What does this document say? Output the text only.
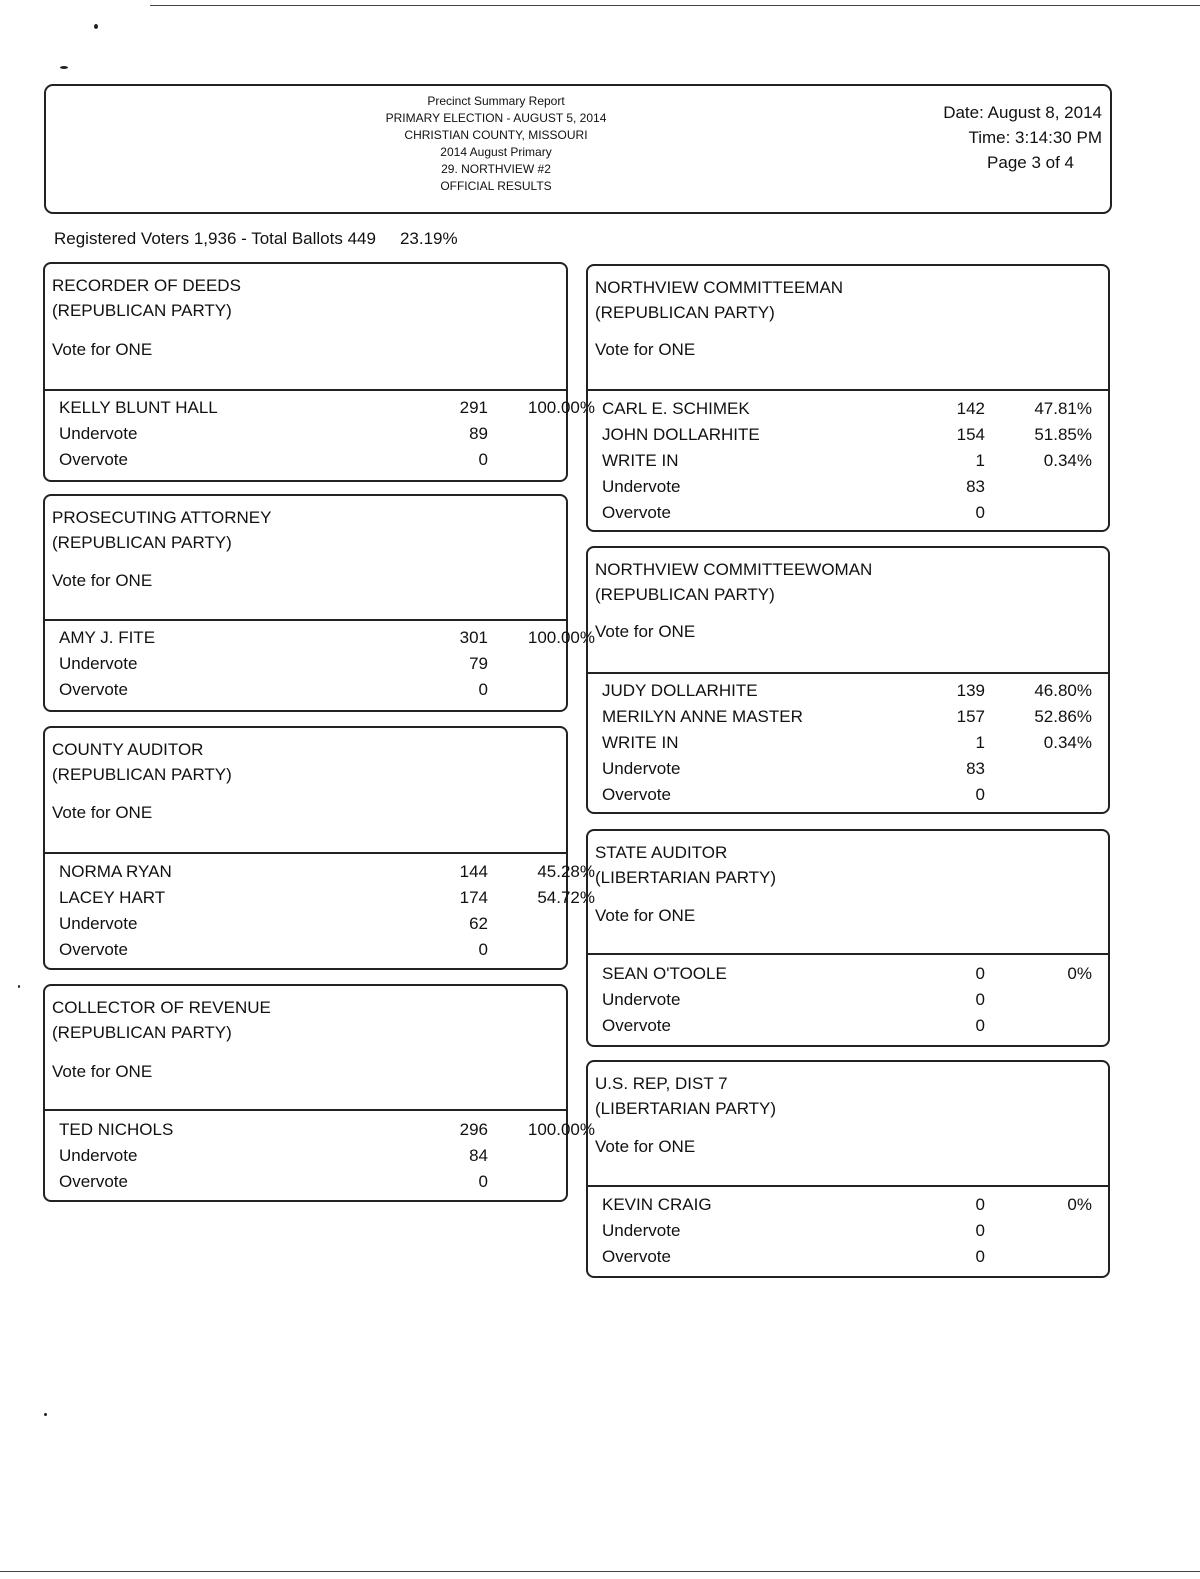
Precinct Summary Report
PRIMARY ELECTION - AUGUST 5, 2014
CHRISTIAN COUNTY, MISSOURI
2014 August Primary
29. NORTHVIEW #2
OFFICIAL RESULTS
Date: August 8, 2014
Time: 3:14:30 PM
Page 3 of 4
Registered Voters 1,936 - Total Ballots 449 23.19%
RECORDER OF DEEDS
(REPUBLICAN PARTY)
Vote for ONE
KELLY BLUNT HALL	291	100.00%
Undervote	89
Overvote	0
PROSECUTING ATTORNEY
(REPUBLICAN PARTY)
Vote for ONE
AMY J. FITE	301	100.00%
Undervote	79
Overvote	0
COUNTY AUDITOR
(REPUBLICAN PARTY)
Vote for ONE
NORMA RYAN	144	45.28%
LACEY HART	174	54.72%
Undervote	62
Overvote	0
COLLECTOR OF REVENUE
(REPUBLICAN PARTY)
Vote for ONE
TED NICHOLS	296	100.00%
Undervote	84
Overvote	0
NORTHVIEW COMMITTEEMAN
(REPUBLICAN PARTY)
Vote for ONE
CARL E. SCHIMEK	142	47.81%
JOHN DOLLARHITE	154	51.85%
WRITE IN	1	0.34%
Undervote	83
Overvote	0
NORTHVIEW COMMITTEEWOMAN
(REPUBLICAN PARTY)
Vote for ONE
JUDY DOLLARHITE	139	46.80%
MERILYN ANNE MASTER	157	52.86%
WRITE IN	1	0.34%
Undervote	83
Overvote	0
STATE AUDITOR
(LIBERTARIAN PARTY)
Vote for ONE
SEAN O'TOOLE	0	0%
Undervote	0
Overvote	0
U.S. REP, DIST 7
(LIBERTARIAN PARTY)
Vote for ONE
KEVIN CRAIG	0	0%
Undervote	0
Overvote	0
